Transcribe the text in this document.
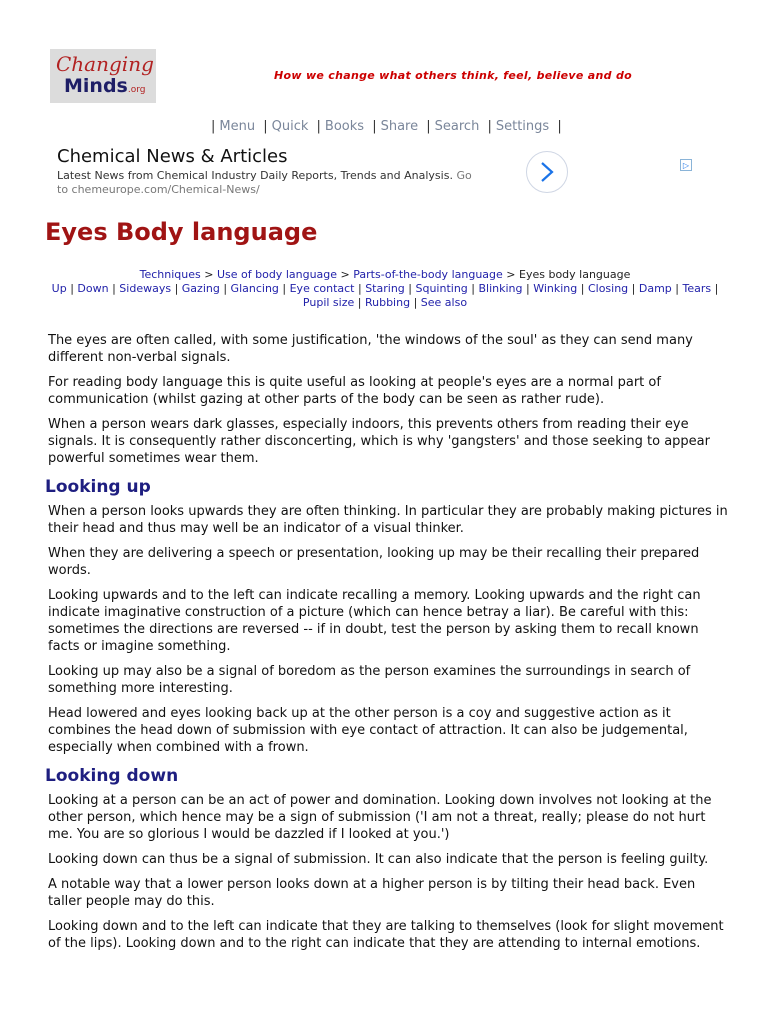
Changing
Minds.org
How we change what others think, feel, believe and do
| Menu | Quick | Books | Share | Search | Settings |
Chemical News & Articles
Latest News from Chemical Industry Daily Reports, Trends and Analysis. Go to chemeurope.com/Chemical-News/
▷
Eyes Body language
Techniques > Use of body language > Parts-of-the-body language > Eyes body language
Up | Down | Sideways | Gazing | Glancing | Eye contact | Staring | Squinting | Blinking | Winking | Closing | Damp | Tears | Pupil size | Rubbing | See also

The eyes are often called, with some justification, 'the windows of the soul' as they can send many different non-verbal signals.

For reading body language this is quite useful as looking at people's eyes are a normal part of communication (whilst gazing at other parts of the body can be seen as rather rude).

When a person wears dark glasses, especially indoors, this prevents others from reading their eye signals. It is consequently rather disconcerting, which is why 'gangsters' and those seeking to appear powerful sometimes wear them.

Looking up

When a person looks upwards they are often thinking. In particular they are probably making pictures in their head and thus may well be an indicator of a visual thinker.

When they are delivering a speech or presentation, looking up may be their recalling their prepared words.

Looking upwards and to the left can indicate recalling a memory. Looking upwards and the right can indicate imaginative construction of a picture (which can hence betray a liar). Be careful with this: sometimes the directions are reversed -- if in doubt, test the person by asking them to recall known facts or imagine something.

Looking up may also be a signal of boredom as the person examines the surroundings in search of something more interesting.

Head lowered and eyes looking back up at the other person is a coy and suggestive action as it combines the head down of submission with eye contact of attraction. It can also be judgemental, especially when combined with a frown.

Looking down

Looking at a person can be an act of power and domination. Looking down involves not looking at the other person, which hence may be a sign of submission ('I am not a threat, really; please do not hurt me. You are so glorious I would be dazzled if I looked at you.')

Looking down can thus be a signal of submission. It can also indicate that the person is feeling guilty.

A notable way that a lower person looks down at a higher person is by tilting their head back. Even taller people may do this.

Looking down and to the left can indicate that they are talking to themselves (look for slight movement of the lips). Looking down and to the right can indicate that they are attending to internal emotions.
